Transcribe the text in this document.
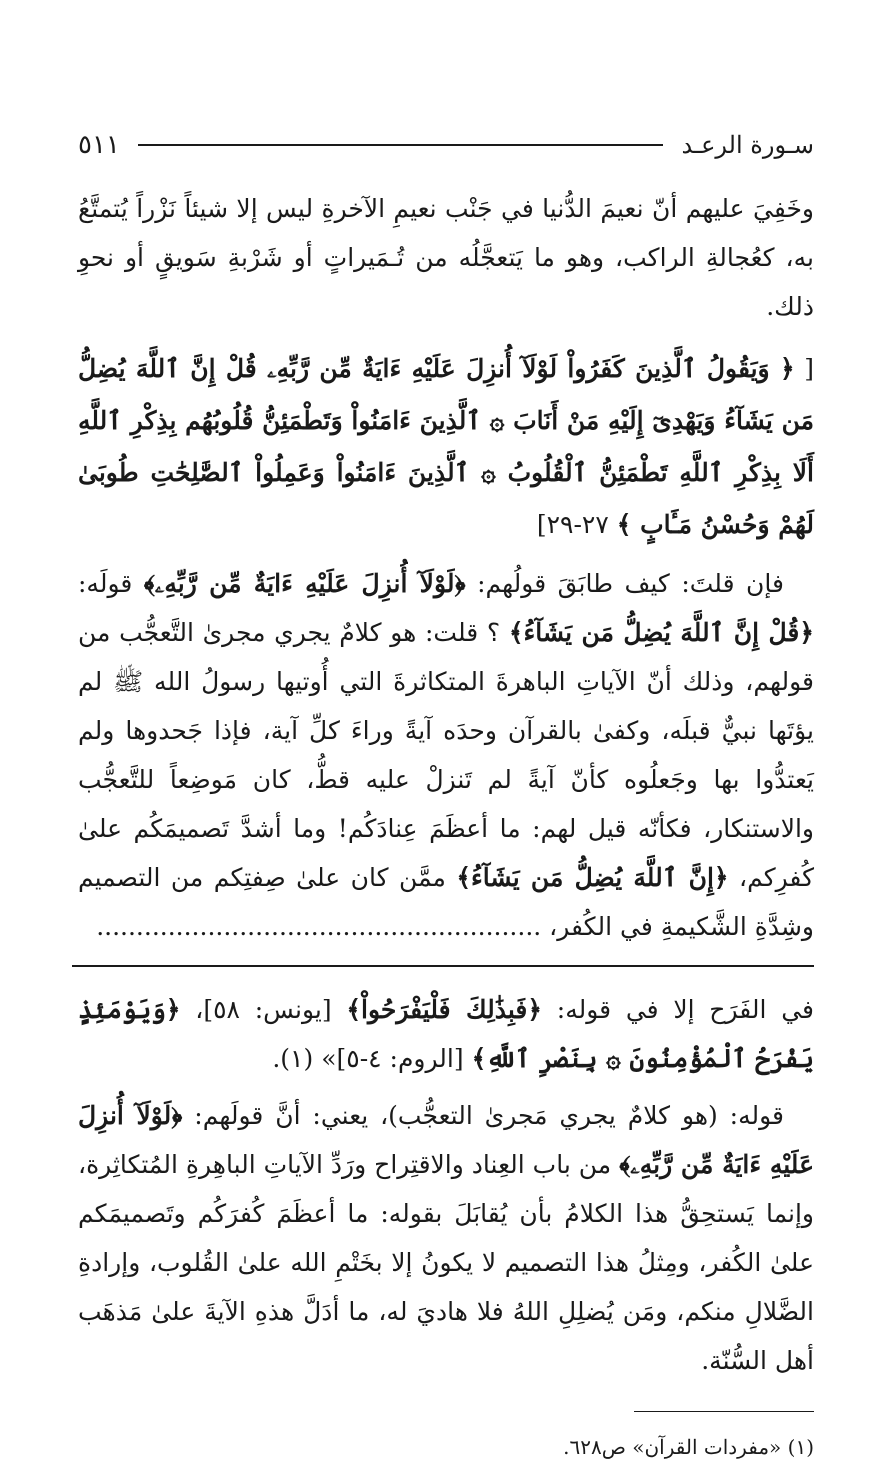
سـورة الرعـد
٥١١

وخَفِيَ عليهم أنّ نعيمَ الدُّنيا في جَنْب نعيمِ الآخرةِ ليس إلا شيئاً نَزْراً يُتمتَّعُ به، كعُجالةِ الراكب، وهو ما يَتعجَّلُه من تُـمَيراتٍ أو شَرْبةِ سَويقٍ أو نحوِ ذلك.

[ ﴿ وَيَقُولُ ٱلَّذِينَ كَفَرُواْ لَوْلَآ أُنزِلَ عَلَيْهِ ءَايَةٌ مِّن رَّبِّهِۦ قُلْ إِنَّ ٱللَّهَ يُضِلُّ مَن يَشَآءُ وَيَهْدِىٓ إِلَيْهِ مَنْ أَنَابَ ۞ ٱلَّذِينَ ءَامَنُواْ وَتَطْمَئِنُّ قُلُوبُهُم بِذِكْرِ ٱللَّهِ أَلَا بِذِكْرِ ٱللَّهِ تَطْمَئِنُّ ٱلْقُلُوبُ ۞ ٱلَّذِينَ ءَامَنُواْ وَعَمِلُواْ ٱلصَّٰلِحَٰتِ طُوبَىٰ لَهُمْ وَحُسْنُ مَـَٔابٍ ﴾ ٢٧-٢٩]

فإن قلتَ: كيف طابَقَ قولُهم: ﴿لَوْلَآ أُنزِلَ عَلَيْهِ ءَايَةٌ مِّن رَّبِّهِۦ﴾ قولَه: ﴿قُلْ إِنَّ ٱللَّهَ يُضِلُّ مَن يَشَآءُ﴾ ؟ قلت: هو كلامٌ يجري مجرىٰ التَّعجُّب من قولهم، وذلك أنّ الآياتِ الباهرةَ المتكاثرةَ التي أُوتيها رسولُ الله ﷺ لم يؤتَها نبيٌّ قبلَه، وكفىٰ بالقرآن وحدَه آيةً وراءَ كلِّ آية، فإذا جَحدوها ولم يَعتدُّوا بها وجَعلُوه كأنّ آيةً لم تَنزلْ عليه قطُّ، كان مَوضِعاً للتَّعجُّب والاستنكار، فكأنّه قيل لهم: ما أعظَمَ عِنادَكُم! وما أشدَّ تَصميمَكُم علىٰ كُفرِكم، ﴿إِنَّ ٱللَّهَ يُضِلُّ مَن يَشَآءُ﴾ ممَّن كان علىٰ صِفتِكم من التصميم وشِدَّةِ الشَّكيمةِ في الكُفر، ........................................................

في الفَرَح إلا في قوله: ﴿فَبِذَٰلِكَ فَلْيَفْرَحُواْ﴾ [يونس: ٥٨]، ﴿وَيَوْمَئِذٍ يَفْرَحُ ٱلْمُؤْمِنُونَ ۞ بِنَصْرِ ٱللَّهِ﴾ [الروم: ٤-٥]» (١).

قوله: (هو كلامٌ يجري مَجرىٰ التعجُّب)، يعني: أنَّ قولَهم: ﴿لَوْلَآ أُنزِلَ عَلَيْهِ ءَايَةٌ مِّن رَّبِّهِۦ﴾ من باب العِناد والاقتِراح ورَدِّ الآياتِ الباهِرةِ المُتكاثِرة، وإنما يَستحِقُّ هذا الكلامُ بأن يُقابَلَ بقوله: ما أعظَمَ كُفرَكُم وتَصميمَكم علىٰ الكُفر، ومِثلُ هذا التصميم لا يكونُ إلا بخَتْمِ الله علىٰ القُلوب، وإرادةِ الضَّلالِ منكم، ومَن يُضلِلِ اللهُ فلا هاديَ له، ما أدَلَّ هذهِ الآيةَ علىٰ مَذهَب أهل السُّنّة.

(١) «مفردات القرآن» ص٦٢٨.
